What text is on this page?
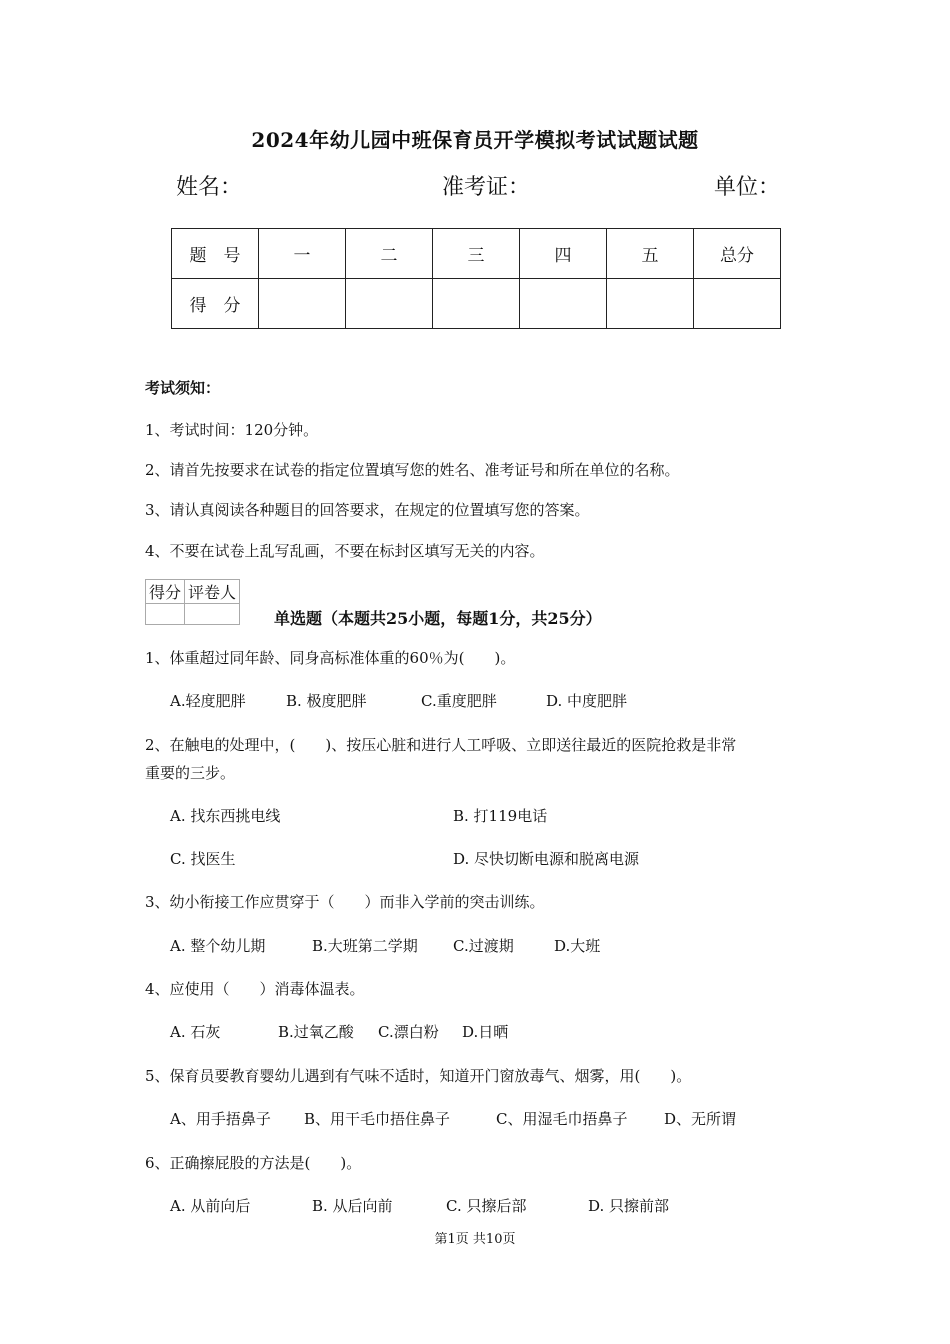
2024年幼儿园中班保育员开学模拟考试试题试题
姓名：	准考证：	单位：
题　号	一	二	三	四	五	总分
得　分						
考试须知：
1、考试时间：120分钟。
2、请首先按要求在试卷的指定位置填写您的姓名、准考证号和所在单位的名称。
3、请认真阅读各种题目的回答要求，在规定的位置填写您的答案。
4、不要在试卷上乱写乱画，不要在标封区填写无关的内容。
得分	评卷人

单选题（本题共25小题，每题1分，共25分）
1、体重超过同年龄、同身高标准体重的60％为(　　)。
A.轻度肥胖	B. 极度肥胖	C.重度肥胖	D. 中度肥胖
2、在触电的处理中，(　　)、按压心脏和进行人工呼吸、立即送往最近的医院抢救是非常
重要的三步。
A. 找东西挑电线	B. 打119电话
C. 找医生	D. 尽快切断电源和脱离电源
3、幼小衔接工作应贯穿于（　　）而非入学前的突击训练。
A. 整个幼儿期	B.大班第二学期 C.过渡期	D.大班
4、应使用（　　）消毒体温表。
A. 石灰	B.过氧乙酸 C.漂白粉 D.日晒
5、保育员要教育婴幼儿遇到有气味不适时，知道开门窗放毒气、烟雾，用(　　)。
A、用手捂鼻子 B、用干毛巾捂住鼻子	C、用湿毛巾捂鼻子 D、无所谓
6、正确擦屁股的方法是(　　)。
A. 从前向后	B. 从后向前	C. 只擦后部	D. 只擦前部
第1页 共10页
